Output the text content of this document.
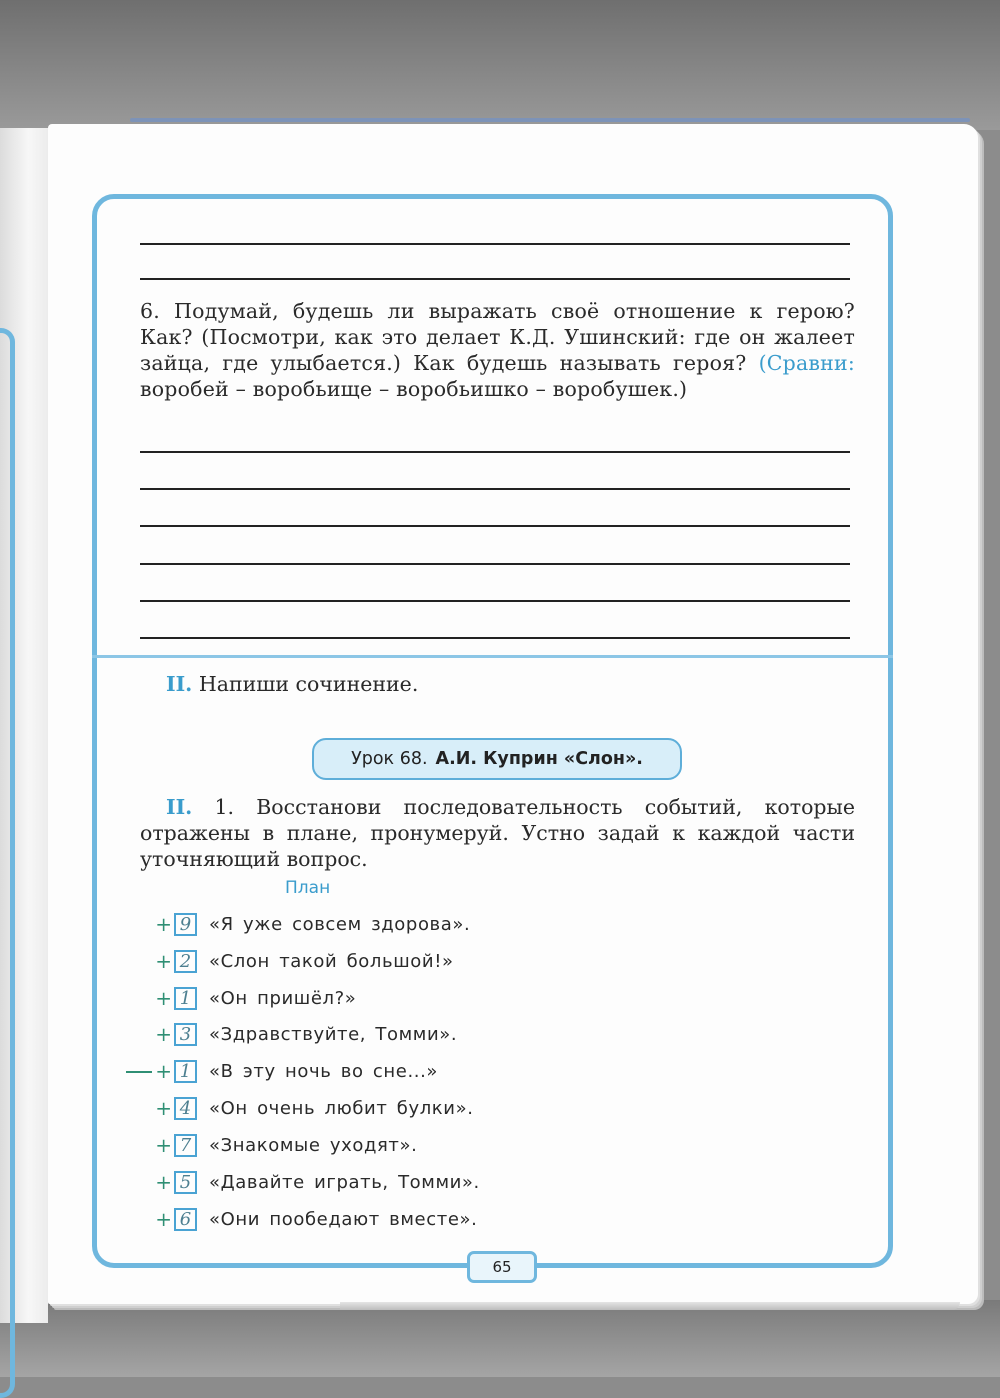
6. Подумай, будешь ли выражать своё отношение к герою? Как? (Посмотри, как это делает К.Д. Ушинский: где он жалеет зайца, где улыбается.) Как будешь называть героя? (Сравни: воробей – воробьище – воробьишко – воробушек.)
II. Напиши сочинение.
Урок 68. А.И. Куприн «Слон».
II. 1. Восстанови последовательность событий, которые отражены в плане, пронумеруй. Устно задай к каждой части уточняющий вопрос.
План
+ 9 «Я уже совсем здорова».
+ 2 «Слон такой большой!»
+ 1 «Он пришёл?»
+ 3 «Здравствуйте, Томми».
+ 1 «В эту ночь во сне...»
+ 4 «Он очень любит булки».
+ 7 «Знакомые уходят».
+ 5 «Давайте играть, Томми».
+ 6 «Они пообедают вместе».
65
